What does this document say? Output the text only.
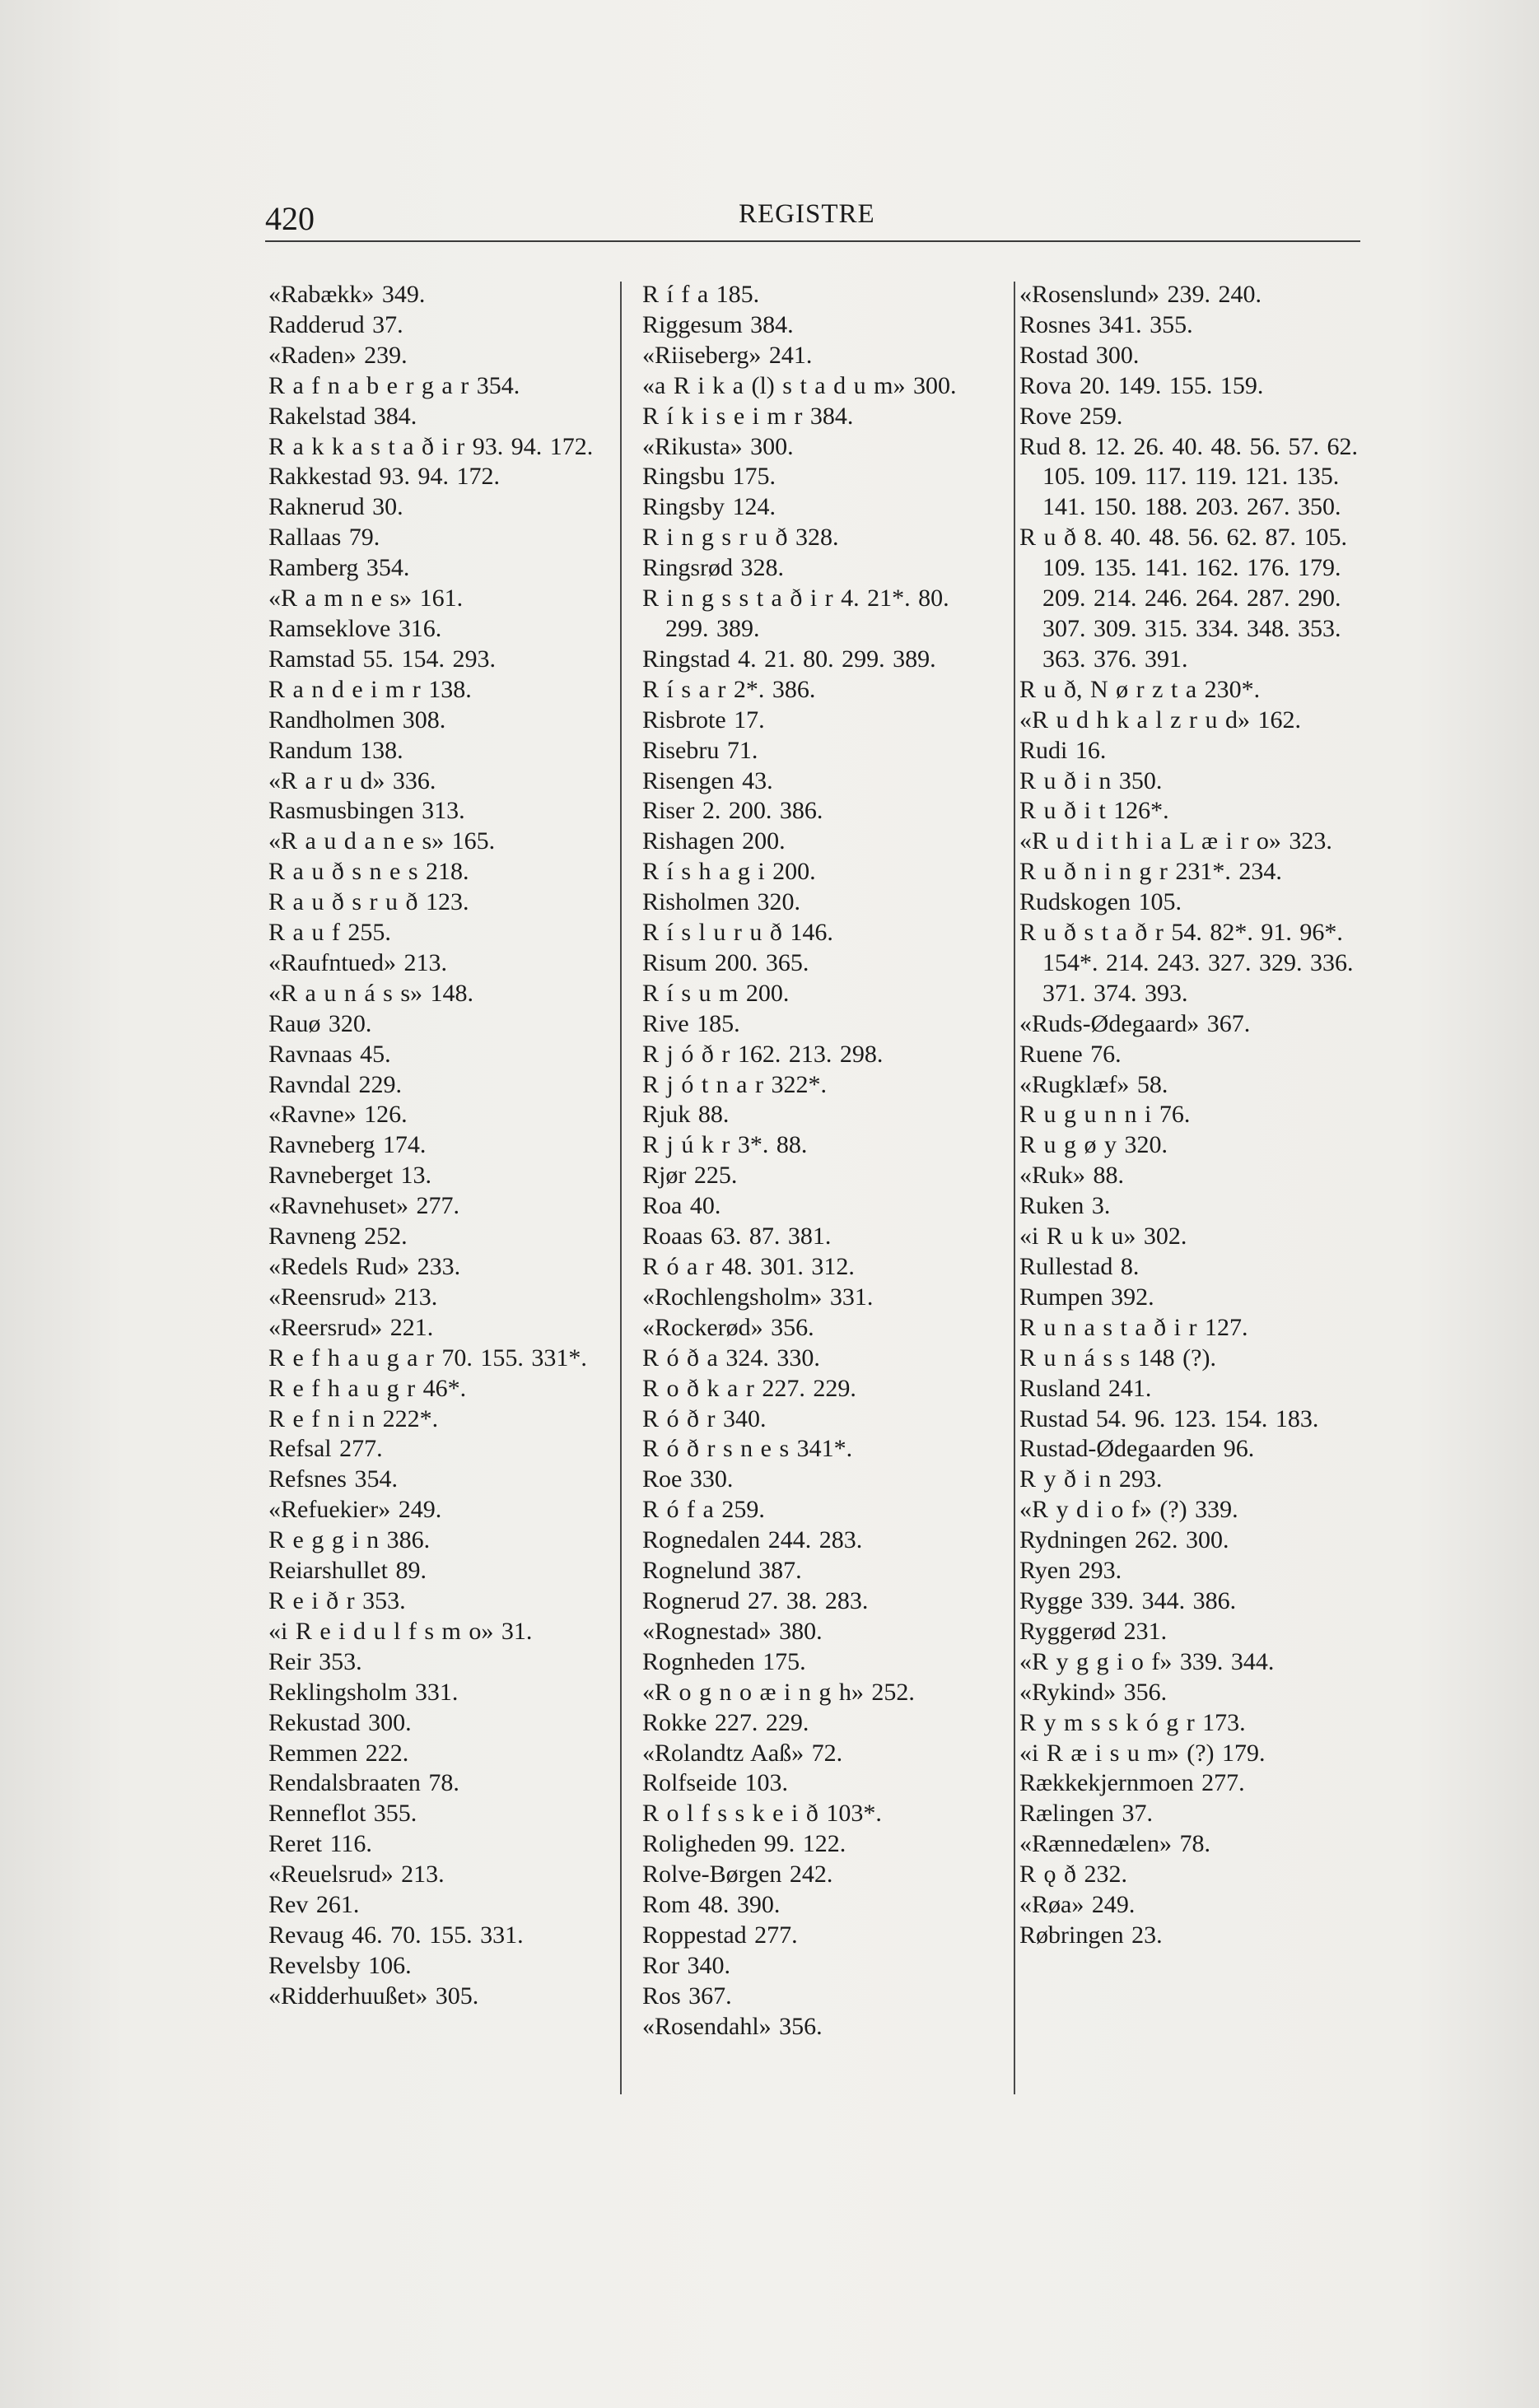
420	REGISTRE
«Rabækk» 349.
Radderud 37.
«Raden» 239.
R a f n a b e r g a r 354.
Rakelstad 384.
R a k k a s t a ð i r 93. 94. 172.
Rakkestad 93. 94. 172.
Raknerud 30.
Rallaas 79.
Ramberg 354.
«R a m n e s» 161.
Ramseklove 316.
Ramstad 55. 154. 293.
R a n d e i m r 138.
Randholmen 308.
Randum 138.
«R a r u d» 336.
Rasmusbingen 313.
«R a u d a n e s» 165.
R a u ð s n e s 218.
R a u ð s r u ð 123.
R a u f 255.
«Raufntued» 213.
«R a u n á s s» 148.
Rauø 320.
Ravnaas 45.
Ravndal 229.
«Ravne» 126.
Ravneberg 174.
Ravneberget 13.
«Ravnehuset» 277.
Ravneng 252.
«Redels Rud» 233.
«Reensrud» 213.
«Reersrud» 221.
R e f h a u g a r 70. 155. 331*.
R e f h a u g r 46*.
R e f n i n 222*.
Refsal 277.
Refsnes 354.
«Refuekier» 249.
R e g g i n 386.
Reiarshullet 89.
R e i ð r 353.
«i R e i d u l f s m o» 31.
Reir 353.
Reklingsholm 331.
Rekustad 300.
Remmen 222.
Rendalsbraaten 78.
Renneflot 355.
Reret 116.
«Reuelsrud» 213.
Rev 261.
Revaug 46. 70. 155. 331.
Revelsby 106.
«Ridderhuußet» 305.
R í f a 185.
Riggesum 384.
«Riiseberg» 241.
«a R i k a (l) s t a d u m» 300.
R í k i s e i m r 384.
«Rikusta» 300.
Ringsbu 175.
Ringsby 124.
R i n g s r u ð 328.
Ringsrød 328.
R i n g s s t a ð i r 4. 21*. 80. 299. 389.
Ringstad 4. 21. 80. 299. 389.
R í s a r 2*. 386.
Risbrote 17.
Risebru 71.
Risengen 43.
Riser 2. 200. 386.
Rishagen 200.
R í s h a g i 200.
Risholmen 320.
R í s l u r u ð 146.
Risum 200. 365.
R í s u m 200.
Rive 185.
R j ó ð r 162. 213. 298.
R j ó t n a r 322*.
Rjuk 88.
R j ú k r 3*. 88.
Rjør 225.
Roa 40.
Roaas 63. 87. 381.
R ó a r 48. 301. 312.
«Rochlengsholm» 331.
«Rockerød» 356.
R ó ð a 324. 330.
R o ð k a r 227. 229.
R ó ð r 340.
R ó ð r s n e s 341*.
Roe 330.
R ó f a 259.
Rognedalen 244. 283.
Rognelund 387.
Rognerud 27. 38. 283.
«Rognestad» 380.
Rognheden 175.
«R o g n o æ i n g h» 252.
Rokke 227. 229.
«Rolandtz Aaß» 72.
Rolfseide 103.
R o l f s s k e i ð 103*.
Roligheden 99. 122.
Rolve-Børgen 242.
Rom 48. 390.
Roppestad 277.
Ror 340.
Ros 367.
«Rosendahl» 356.
«Rosenslund» 239. 240.
Rosnes 341. 355.
Rostad 300.
Rova 20. 149. 155. 159.
Rove 259.
Rud 8. 12. 26. 40. 48. 56. 57. 62. 105. 109. 117. 119. 121. 135. 141. 150. 188. 203. 267. 350.
R u ð 8. 40. 48. 56. 62. 87. 105. 109. 135. 141. 162. 176. 179. 209. 214. 246. 264. 287. 290. 307. 309. 315. 334. 348. 353. 363. 376. 391.
R u ð, N ø r z t a 230*.
«R u d h k a l z r u d» 162.
Rudi 16.
R u ð i n 350.
R u ð i t 126*.
«R u d i t h i a L æ i r o» 323.
R u ð n i n g r 231*. 234.
Rudskogen 105.
R u ð s t a ð r 54. 82*. 91. 96*. 154*. 214. 243. 327. 329. 336. 371. 374. 393.
«Ruds-Ødegaard» 367.
Ruene 76.
«Rugklæf» 58.
R u g u n n i 76.
R u g ø y 320.
«Ruk» 88.
Ruken 3.
«i R u k u» 302.
Rullestad 8.
Rumpen 392.
R u n a s t a ð i r 127.
R u n á s s 148 (?).
Rusland 241.
Rustad 54. 96. 123. 154. 183.
Rustad-Ødegaarden 96.
R y ð i n 293.
«R y d i o f» (?) 339.
Rydningen 262. 300.
Ryen 293.
Rygge 339. 344. 386.
Ryggerød 231.
«R y g g i o f» 339. 344.
«Rykind» 356.
R y m s s k ó g r 173.
«i R æ i s u m» (?) 179.
Rækkekjernmoen 277.
Rælingen 37.
«Rænnedælen» 78.
R ǫ ð 232.
«Røa» 249.
Røbringen 23.
